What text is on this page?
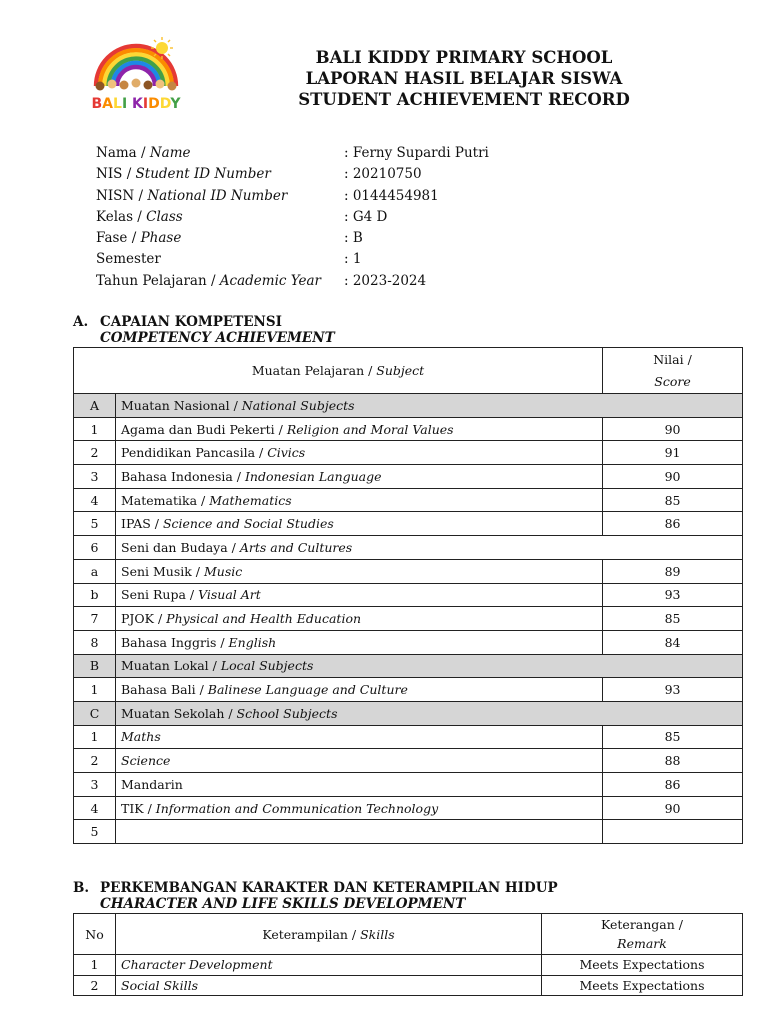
BALI KIDDY
BALI KIDDY PRIMARY SCHOOL
LAPORAN HASIL BELAJAR SISWA
STUDENT ACHIEVEMENT RECORD
Nama / Name	: Ferny Supardi Putri
NIS / Student ID Number	: 20210750
NISN / National ID Number	: 0144454981
Kelas / Class	: G4 D
Fase / Phase	: B
Semester	: 1
Tahun Pelajaran / Academic Year : 2023-2024
A. CAPAIAN KOMPETENSI
COMPETENCY ACHIEVEMENT
Muatan Pelajaran / Subject		Nilai /
Score

A	Muatan Nasional / National Subjects	
1	Agama dan Budi Pekerti / Religion and Moral Values	90
2	Pendidikan Pancasila / Civics	91
3	Bahasa Indonesia / Indonesian Language	90
4	Matematika / Mathematics	85
5	IPAS / Science and Social Studies	86
6	Seni dan Budaya / Arts and Cultures	
a	Seni Musik / Music	89
b	Seni Rupa / Visual Art	93
7	PJOK / Physical and Health Education	85
8	Bahasa Inggris / English	84
B	Muatan Lokal / Local Subjects	
1	Bahasa Bali / Balinese Language and Culture	93
C	Muatan Sekolah / School Subjects	
1	Maths	85
2	Science	88
3	Mandarin	86
4	TIK / Information and Communication Technology	90
5		
B. PERKEMBANGAN KARAKTER DAN KETERAMPILAN HIDUP
CHARACTER AND LIFE SKILLS DEVELOPMENT
No	Keterampilan / Skills	Keterangan /
Remark

1	Character Development	Meets Expectations
2	Social Skills	Meets Expectations
